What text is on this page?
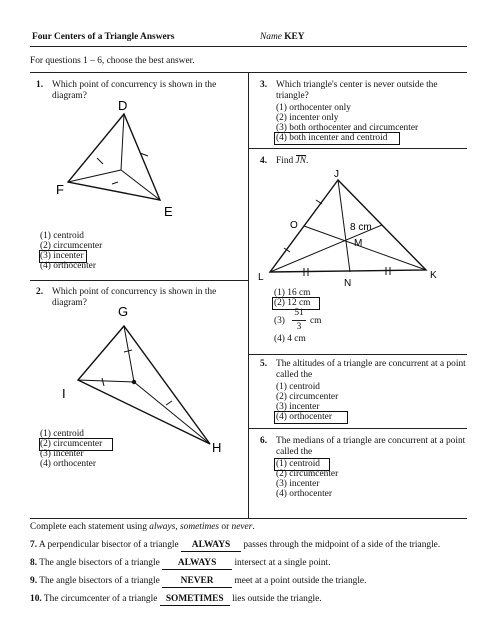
Four Centers of a Triangle Answers	Name KEY
For questions 1 – 6, choose the best answer.
1. Which point of concurrency is shown in the diagram?
D
F
E
(1) centroid
(2) circumcenter
(3) incenter
(4) orthocenter
2. Which point of concurrency is shown in the diagram?
G
I
H
(1) centroid
(2) circumcenter
(3) incenter
(4) orthocenter
3. Which triangle's center is never outside the triangle?
(1) orthocenter only
(2) incenter only
(3) both orthocenter and circumcenter
(4) both incenter and centroid
4. Find JN.
J
O	8 cm
M
L
N
K
(1) 16 cm
(2) 12 cm
(3)
51
3
cm
(4) 4 cm
5. The altitudes of a triangle are concurrent at a point called the
(1) centroid
(2) circumcenter
(3) incenter
(4) orthocenter
6. The medians of a triangle are concurrent at a point called the
(1) centroid
(2) circumcenter
(3) incenter
(4) orthocenter
Complete each statement using always, sometimes or never.
7. A perpendicular bisector of a triangle ALWAYS passes through the midpoint of a side of the triangle.
8. The angle bisectors of a triangle ALWAYS intersect at a single point.
9. The angle bisectors of a triangle NEVER meet at a point outside the triangle.
10. The circumcenter of a triangle SOMETIMES lies outside the triangle.
